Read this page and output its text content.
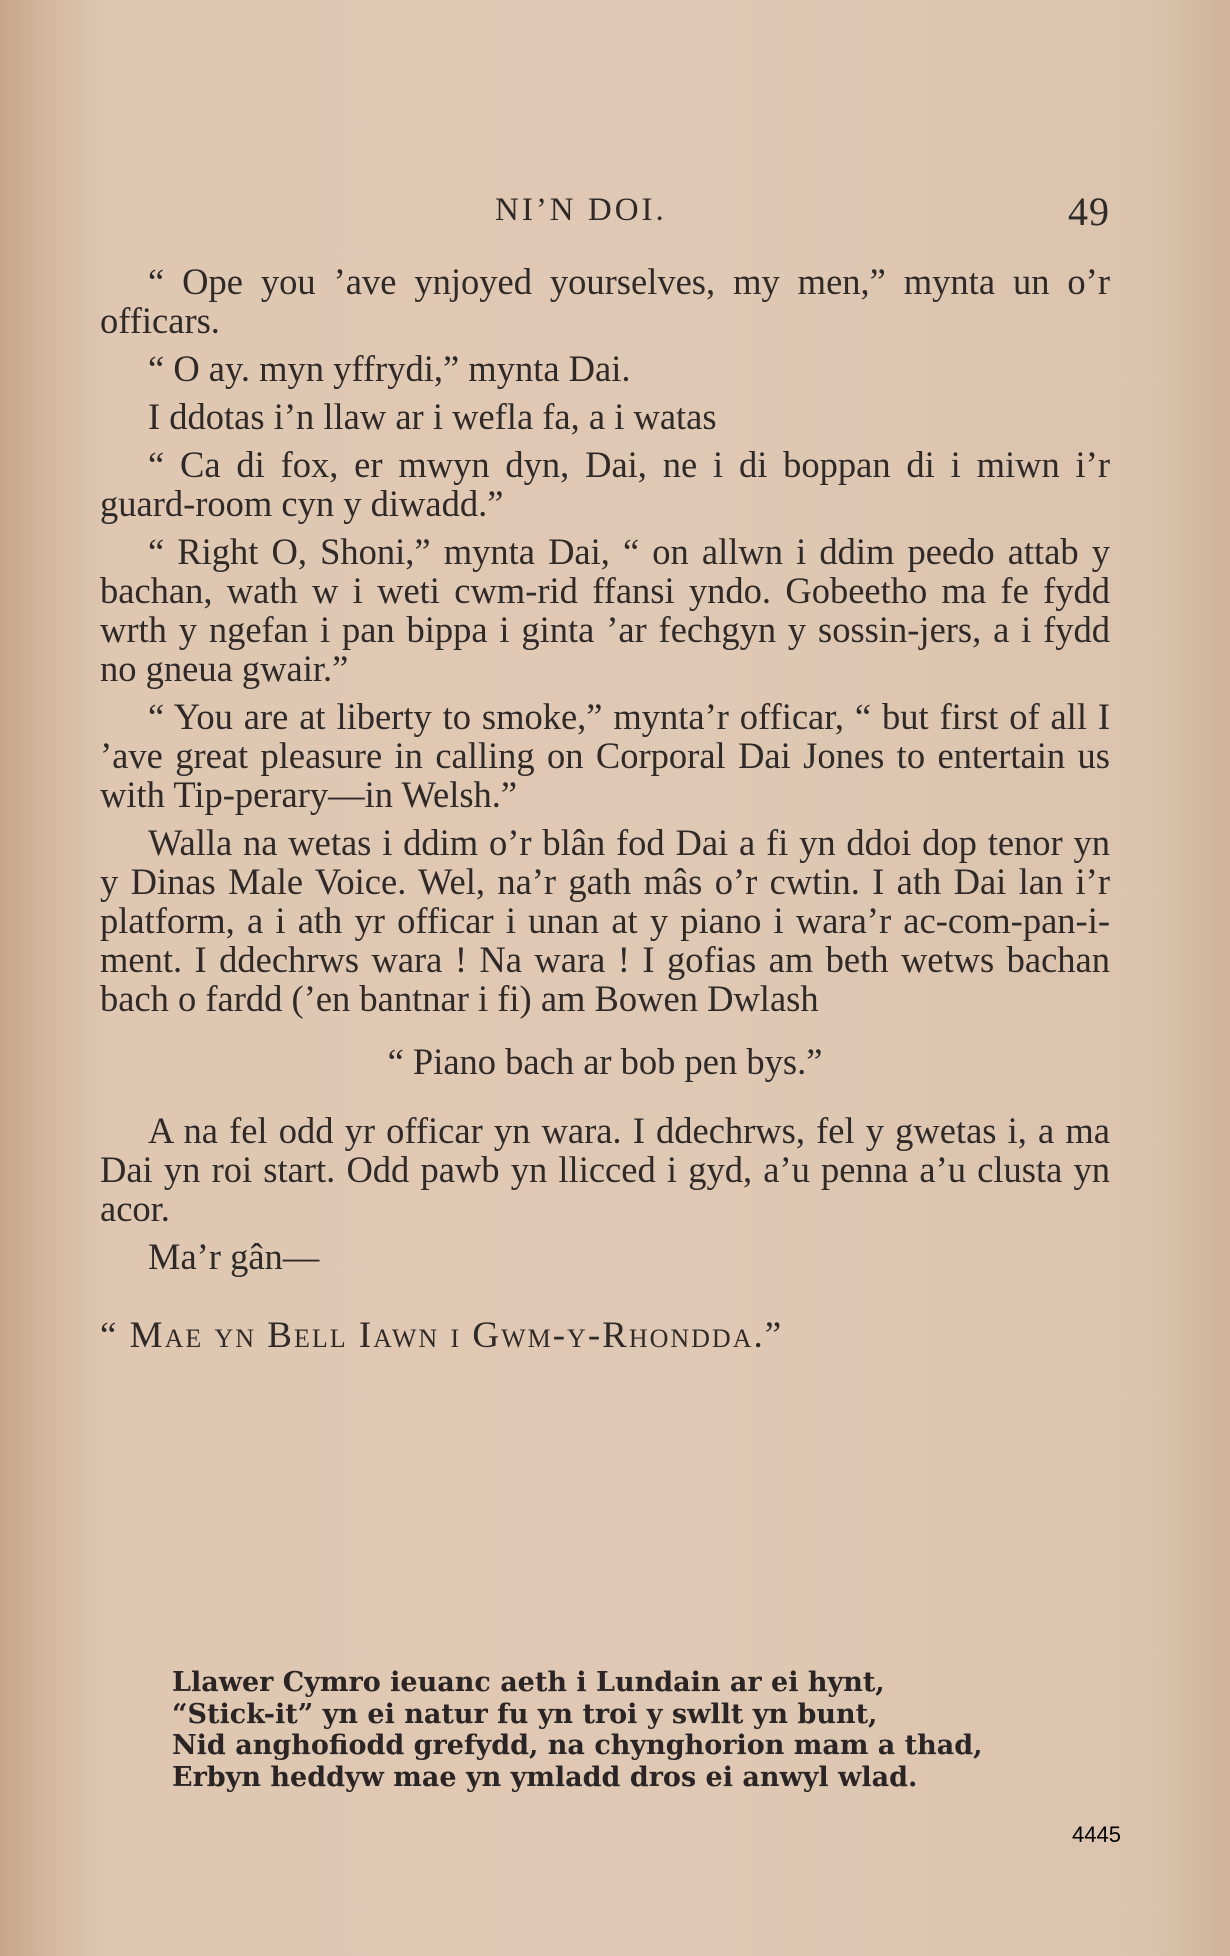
NI’N DOI.	49

“ Ope you ’ave ynjoyed yourselves, my men,” mynta un o’r officars.

“ O ay. myn yffrydi,” mynta Dai.

I ddotas i’n llaw ar i wefla fa, a i watas

“ Ca di fox, er mwyn dyn, Dai, ne i di boppan di i miwn i’r guard-room cyn y diwadd.”

“ Right O, Shoni,” mynta Dai, “ on allwn i ddim peedo attab y bachan, wath w i weti cwm-rid ffansi yndo. Gobeetho ma fe fydd wrth y ngefan i pan bippa i ginta ’ar fechgyn y sossin-jers, a i fydd no gneua gwair.”

“ You are at liberty to smoke,” mynta’r officar, “ but first of all I ’ave great pleasure in calling on Corporal Dai Jones to entertain us with Tip-perary—in Welsh.”

Walla na wetas i ddim o’r blân fod Dai a fi yn ddoi dop tenor yn y Dinas Male Voice. Wel, na’r gath mâs o’r cwtin. I ath Dai lan i’r platform, a i ath yr officar i unan at y piano i wara’r ac-com-pan-i-ment. I ddechrws wara ! Na wara ! I gofias am beth wetws bachan bach o fardd (’en bantnar i fi) am Bowen Dwlash

“ Piano bach ar bob pen bys.”

A na fel odd yr officar yn wara. I ddechrws, fel y gwetas i, a ma Dai yn roi start. Odd pawb yn llicced i gyd, a’u penna a’u clusta yn acor.

Ma’r gân—

“ Mae yn Bell Iawn i Gwm-y-Rhondda.”

Llawer Cymro ieuanc aeth i Lundain ar ei hynt,
“Stick-it” yn ei natur fu yn troi y swllt yn bunt,
Nid anghofiodd grefydd, na chynghorion mam a thad,
Erbyn heddyw mae yn ymladd dros ei anwyl wlad.
4445
